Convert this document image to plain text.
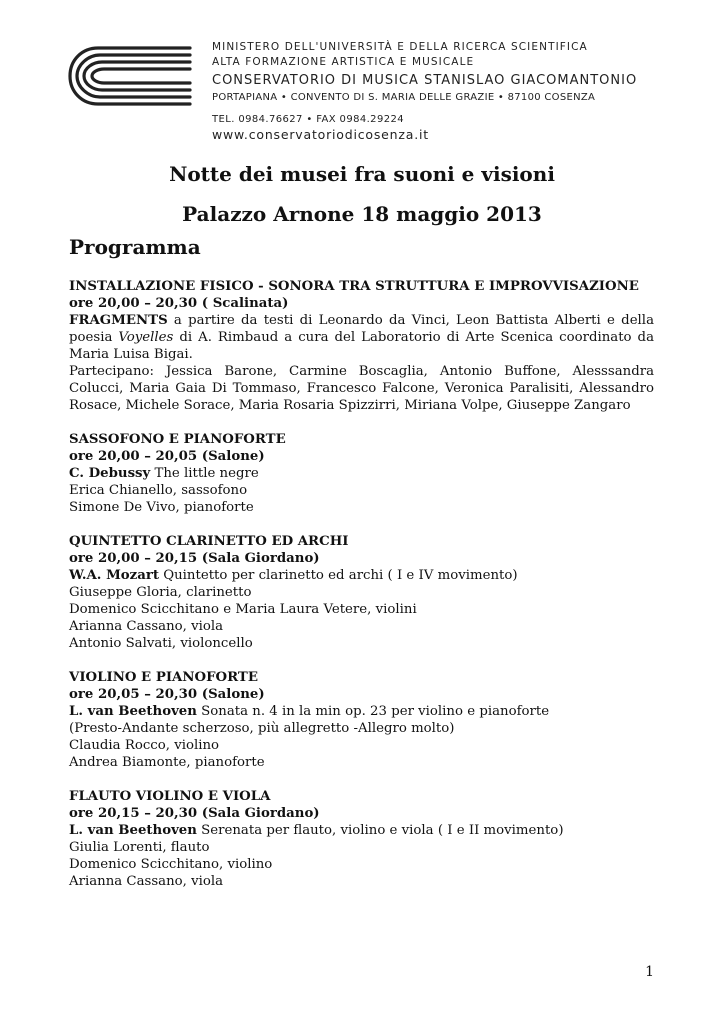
MINISTERO DELL'UNIVERSITÀ E DELLA RICERCA SCIENTIFICA
ALTA FORMAZIONE ARTISTICA E MUSICALE
CONSERVATORIO DI MUSICA STANISLAO GIACOMANTONIO
PORTAPIANA • CONVENTO DI S. MARIA DELLE GRAZIE • 87100 COSENZA
TEL. 0984.76627 • FAX 0984.29224
www.conservatoriodicosenza.it
Notte dei musei fra suoni e visioni
Palazzo Arnone 18 maggio 2013
Programma
INSTALLAZIONE FISICO - SONORA TRA STRUTTURA E IMPROVVISAZIONE
ore 20,00 – 20,30 ( Scalinata)
FRAGMENTS a partire da testi di Leonardo da Vinci, Leon Battista Alberti e della poesia Voyelles di A. Rimbaud a cura del Laboratorio di Arte Scenica coordinato da Maria Luisa Bigai.
Partecipano: Jessica Barone, Carmine Boscaglia, Antonio Buffone, Alesssandra Colucci, Maria Gaia Di Tommaso, Francesco Falcone, Veronica Paralisiti, Alessandro Rosace, Michele Sorace, Maria Rosaria Spizzirri, Miriana Volpe, Giuseppe Zangaro
SASSOFONO E PIANOFORTE
ore 20,00 – 20,05 (Salone)
C. Debussy The little negre
Erica Chianello, sassofono
Simone De Vivo, pianoforte
QUINTETTO CLARINETTO ED ARCHI
ore 20,00 – 20,15 (Sala Giordano)
W.A. Mozart Quintetto per clarinetto ed archi ( I e IV movimento)
Giuseppe Gloria, clarinetto
Domenico Scicchitano e Maria Laura Vetere, violini
Arianna Cassano, viola
Antonio Salvati, violoncello
VIOLINO E PIANOFORTE
ore 20,05 – 20,30 (Salone)
L. van Beethoven Sonata n. 4 in la min op. 23 per violino e pianoforte
(Presto-Andante scherzoso, più allegretto -Allegro molto)
Claudia Rocco, violino
Andrea Biamonte, pianoforte
FLAUTO VIOLINO E VIOLA
ore 20,15 – 20,30 (Sala Giordano)
L. van Beethoven Serenata per flauto, violino e viola ( I e II movimento)
Giulia Lorenti, flauto
Domenico Scicchitano, violino
Arianna Cassano, viola
1
